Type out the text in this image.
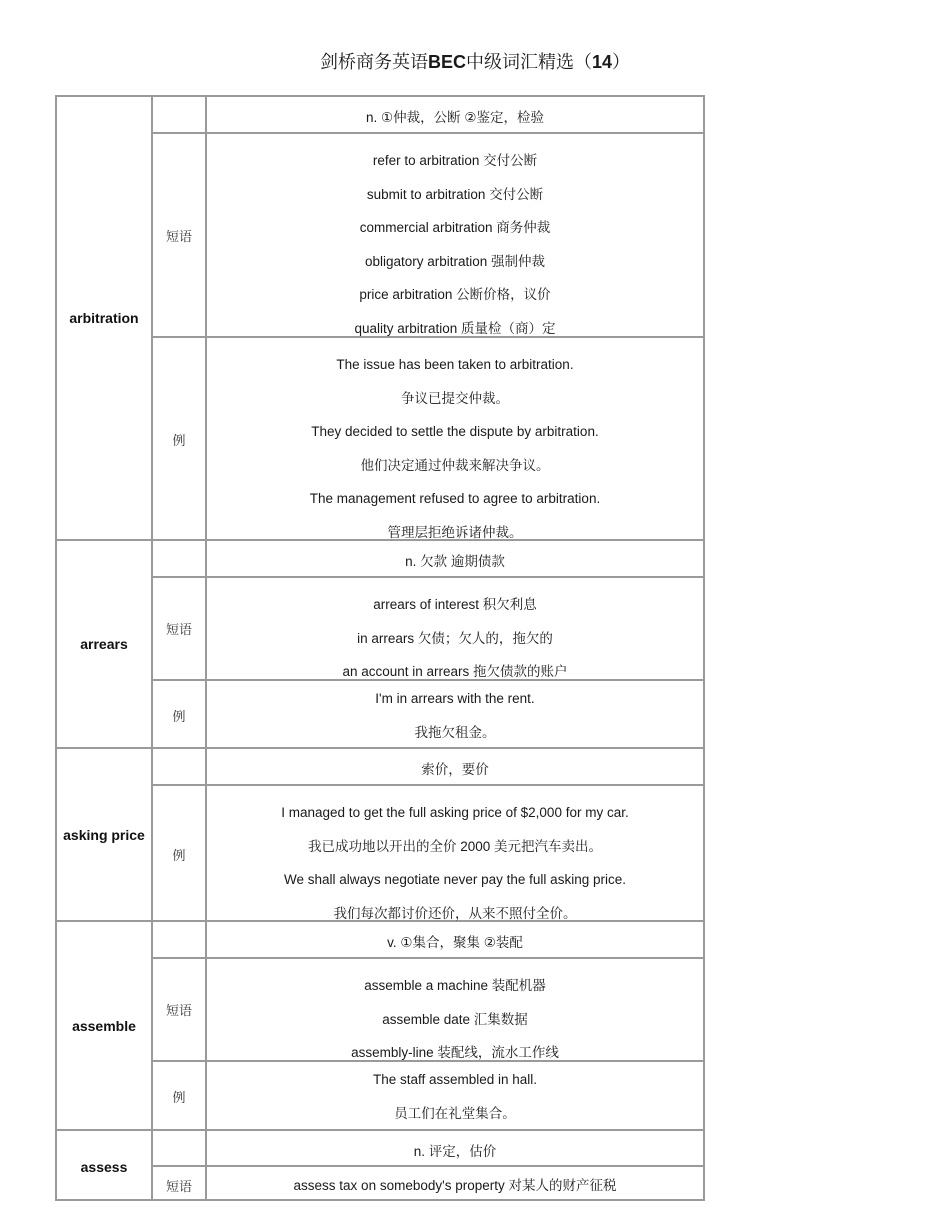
剑桥商务英语BEC中级词汇精选（14）
arbitration
n. ①仲裁，公断 ②鉴定，检验
短语
refer to arbitration 交付公断
submit to arbitration 交付公断
commercial arbitration 商务仲裁
obligatory arbitration 强制仲裁
price arbitration 公断价格，议价
quality arbitration 质量检（商）定
例
The issue has been taken to arbitration.
争议已提交仲裁。
They decided to settle the dispute by arbitration.
他们决定通过仲裁来解决争议。
The management refused to agree to arbitration.
管理层拒绝诉诸仲裁。
arrears
n. 欠款 逾期债款
短语
arrears of interest 积欠利息
in arrears 欠债；欠人的，拖欠的
an account in arrears 拖欠债款的账户
例
I'm in arrears with the rent.
我拖欠租金。
asking price
索价，要价
例
I managed to get the full asking price of $2,000 for my car.
我已成功地以开出的全价 2000 美元把汽车卖出。
We shall always negotiate never pay the full asking price.
我们每次都讨价还价，从来不照付全价。
assemble
v. ①集合，聚集 ②装配
短语
assemble a machine 装配机器
assemble date 汇集数据
assembly-line 装配线，流水工作线
例
The staff assembled in hall.
员工们在礼堂集合。
assess
n. 评定，估价
短语	assess tax on somebody's property 对某人的财产征税
